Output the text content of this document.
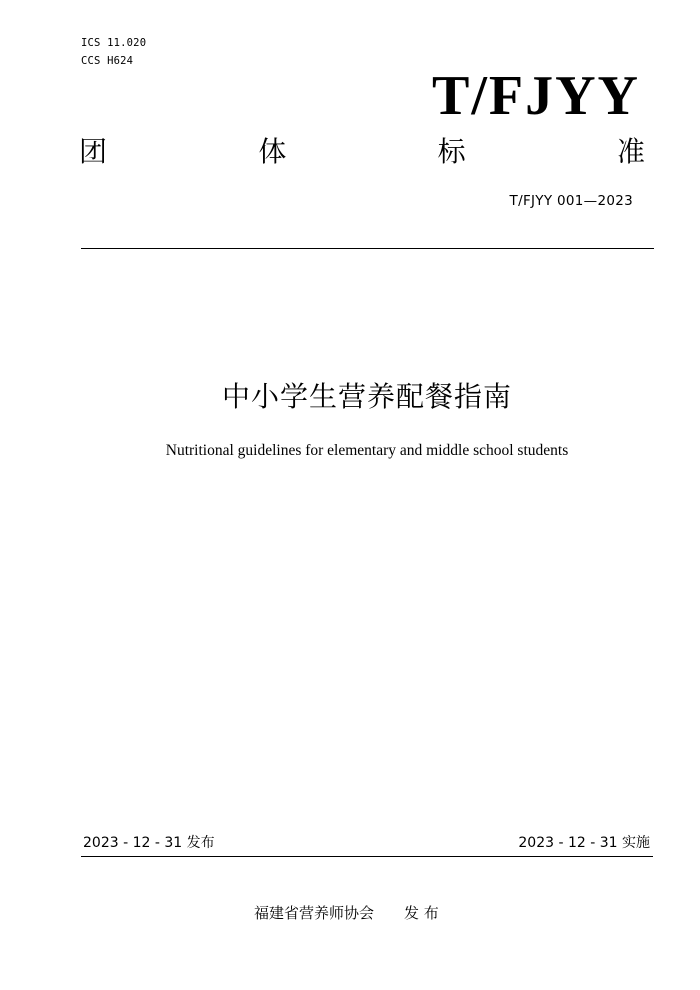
ICS 11.020
CCS H624
T/FJYY
团	体	标	准
T/FJYY 001—2023
中小学生营养配餐指南
Nutritional guidelines for elementary and middle school students
2023 - 12 - 31 发布	2023 - 12 - 31 实施
福建省营养师协会 发 布
